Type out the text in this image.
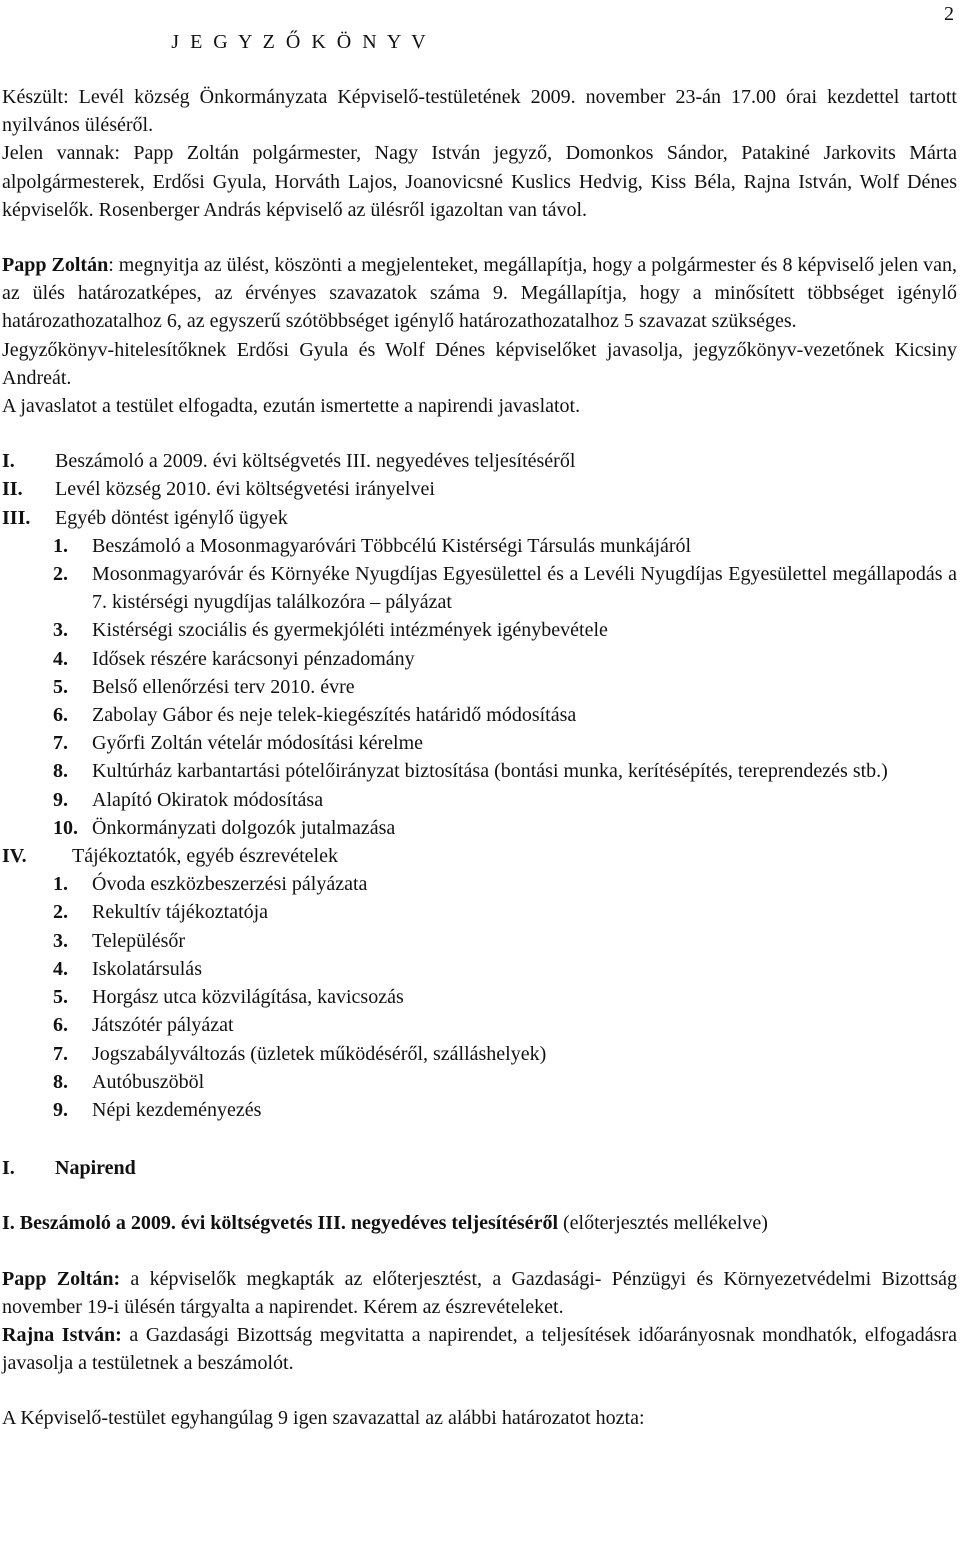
2
J E G Y Z Ő K Ö N Y V

Készült: Levél község Önkormányzata Képviselő-testületének 2009. november 23-án 17.00 órai kezdettel tartott nyilvános üléséről.

Jelen vannak: Papp Zoltán polgármester, Nagy István jegyző, Domonkos Sándor, Patakiné Jarkovits Márta alpolgármesterek, Erdősi Gyula, Horváth Lajos, Joanovicsné Kuslics Hedvig, Kiss Béla, Rajna István, Wolf Dénes képviselők. Rosenberger András képviselő az ülésről igazoltan van távol.

Papp Zoltán: megnyitja az ülést, köszönti a megjelenteket, megállapítja, hogy a polgármester és 8 képviselő jelen van, az ülés határozatképes, az érvényes szavazatok száma 9. Megállapítja, hogy a minősített többséget igénylő határozathozatalhoz 6, az egyszerű szótöbbséget igénylő határozathozatalhoz 5 szavazat szükséges.

Jegyzőkönyv-hitelesítőknek Erdősi Gyula és Wolf Dénes képviselőket javasolja, jegyzőkönyv-vezetőnek Kicsiny Andreát.

A javaslatot a testület elfogadta, ezután ismertette a napirendi javaslatot.

I.	Beszámoló a 2009. évi költségvetés III. negyedéves teljesítéséről
II.	Levél község 2010. évi költségvetési irányelvei
III.	Egyéb döntést igénylő ügyek
1.	Beszámoló a Mosonmagyaróvári Többcélú Kistérségi Társulás munkájáról
2.	Mosonmagyaróvár és Környéke Nyugdíjas Egyesülettel és a Levéli Nyugdíjas Egyesülettel megállapodás a 7. kistérségi nyugdíjas találkozóra – pályázat
3.	Kistérségi szociális és gyermekjóléti intézmények igénybevétele
4.	Idősek részére karácsonyi pénzadomány
5.	Belső ellenőrzési terv 2010. évre
6.	Zabolay Gábor és neje telek-kiegészítés határidő módosítása
7.	Győrfi Zoltán vételár módosítási kérelme
8.	Kultúrház karbantartási pótelőirányzat biztosítása (bontási munka, kerítésépítés, tereprendezés stb.)
9.	Alapító Okiratok módosítása
10. Önkormányzati dolgozók jutalmazása
IV.	Tájékoztatók, egyéb észrevételek
1.	Óvoda eszközbeszerzési pályázata
2.	Rekultív tájékoztatója
3.	Településőr
4.	Iskolatársulás
5.	Horgász utca közvilágítása, kavicsozás
6.	Játszótér pályázat
7.	Jogszabályváltozás (üzletek működéséről, szálláshelyek)
8.	Autóbuszöböl
9.	Népi kezdeményezés
I.	Napirend

I. Beszámoló a 2009. évi költségvetés III. negyedéves teljesítéséről (előterjesztés mellékelve)

Papp Zoltán: a képviselők megkapták az előterjesztést, a Gazdasági- Pénzügyi és Környezetvédelmi Bizottság november 19-i ülésén tárgyalta a napirendet. Kérem az észrevételeket.

Rajna István: a Gazdasági Bizottság megvitatta a napirendet, a teljesítések időarányosnak mondhatók, elfogadásra javasolja a testületnek a beszámolót.

A Képviselő-testület egyhangúlag 9 igen szavazattal az alábbi határozatot hozta:
